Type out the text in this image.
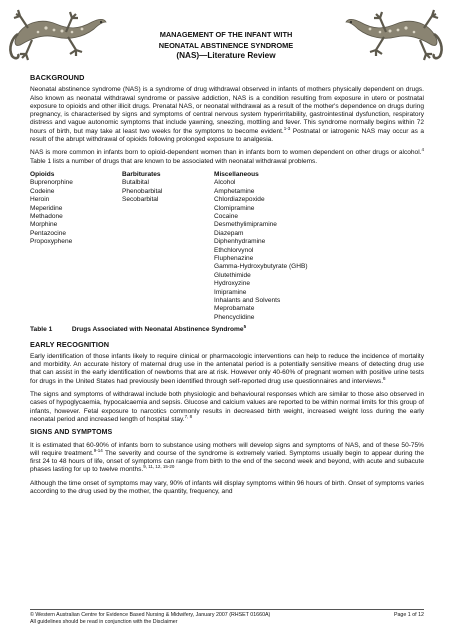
MANAGEMENT OF THE INFANT WITH
NEONATAL ABSTINENCE SYNDROME
(NAS)—Literature Review
BACKGROUND

Neonatal abstinence syndrome (NAS) is a syndrome of drug withdrawal observed in infants of mothers physically dependent on drugs. Also known as neonatal withdrawal syndrome or passive addiction, NAS is a condition resulting from exposure in utero or postnatal exposure to opioids and other illicit drugs. Prenatal NAS, or neonatal withdrawal as a result of the mother's dependence on drugs during pregnancy, is characterised by signs and symptoms of central nervous system hyperirritability, gastrointestinal dysfunction, respiratory distress and vague autonomic symptoms that include yawning, sneezing, mottling and fever. This syndrome normally begins within 72 hours of birth, but may take at least two weeks for the symptoms to become evident.$^{1-3}$ Postnatal or iatrogenic NAS may occur as a result of the abrupt withdrawal of opioids following prolonged exposure to analgesia.

NAS is more common in infants born to opioid-dependent women than in infants born to women dependent on other drugs or alcohol.$^4$ Table 1 lists a number of drugs that are known to be associated with neonatal withdrawal problems.

Opioids	Barbiturates	Miscellaneous
Buprenorphine	Butalbital	Alcohol
Codeine	Phenobarbital	Amphetamine
Heroin	Secobarbital	Chlordiazepoxide
Meperidine		Clomipramine
Methadone		Cocaine
Morphine		Desmethylimipramine
Pentazocine		Diazepam
Propoxyphene		Diphenhydramine
		Ethchlorvynol
		Fluphenazine
		Gamma-Hydroxybutyrate (GHB)
		Glutethimide
		Hydroxyzine
		Imipramine
		Inhalants and Solvents
		Meprobamate
		Phencyclidine
Table 1	Drugs Associated with Neonatal Abstinence Syndrome$^5$
EARLY RECOGNITION

Early identification of those infants likely to require clinical or pharmacologic interventions can help to reduce the incidence of mortality and morbidity. An accurate history of maternal drug use in the antenatal period is a potentially sensitive means of detecting drug use that can assist in the early identification of newborns that are at risk. However only 40-60% of pregnant women with positive urine tests for drugs in the United States had previously been identified through self-reported drug use questionnaires and interviews.$^6$

The signs and symptoms of withdrawal include both physiologic and behavioural responses which are similar to those also observed in cases of hypoglycaemia, hypocalcaemia and sepsis. Glucose and calcium values are reported to be within normal limits for this group of infants, however. Fetal exposure to narcotics commonly results in decreased birth weight, increased weight loss during the early neonatal period and increased length of hospital stay.$^{7, 8}$

SIGNS AND SYMPTOMS

It is estimated that 60-90% of infants born to substance using mothers will develop signs and symptoms of NAS, and of these 50-75% will require treatment.$^{9-14}$ The severity and course of the syndrome is extremely varied. Symptoms usually begin to appear during the first 24 to 48 hours of life, onset of symptoms can range from birth to the end of the second week and beyond, with acute and subacute phases lasting for up to twelve months.$^{9, 11, 12, 15-20}$

Although the time onset of symptoms may vary, 90% of infants will display symptoms within 96 hours of birth. Onset of symptoms varies according to the drug used by the mother, the quantity, frequency, and

© Western Australian Centre for Evidence Based Nursing & Midwifery, January 2007 (RHSET 01660A)	Page 1 of 12
All guidelines should be read in conjunction with the Disclaimer
